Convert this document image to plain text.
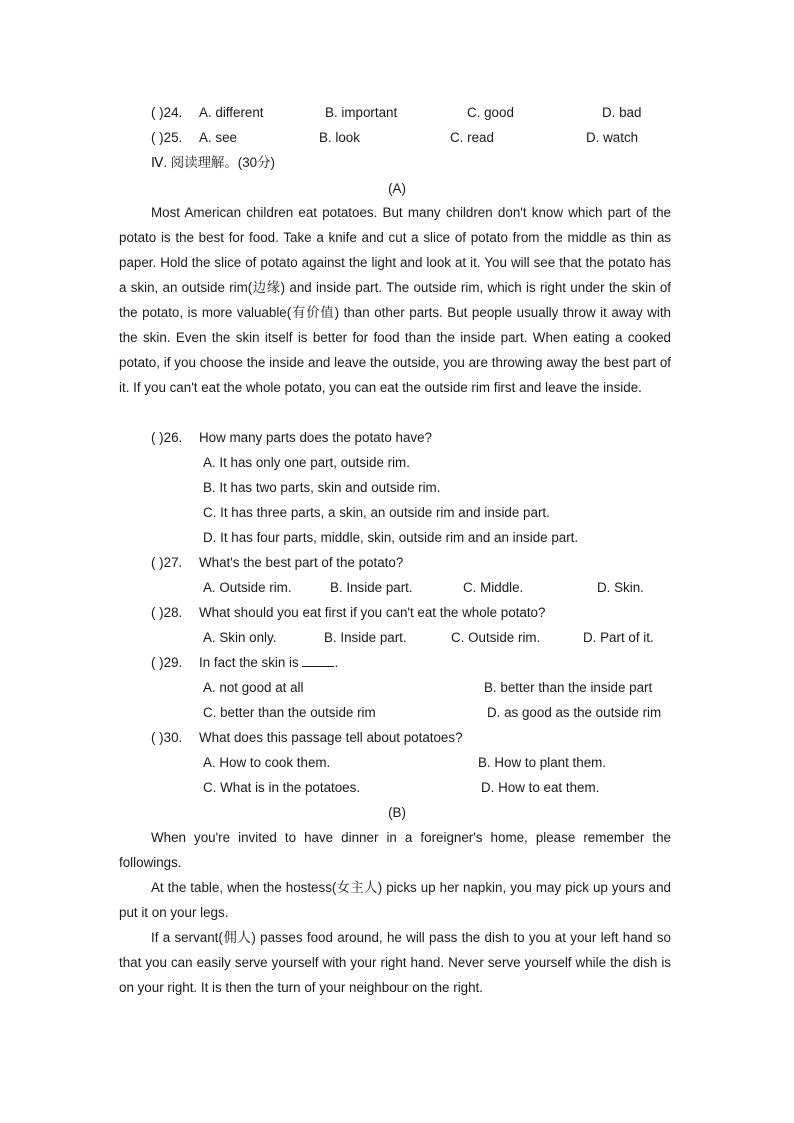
( )24. A. different	B. important	C. good	D. bad
( )25. A. see	B. look	C. read	D. watch
Ⅳ. 阅读理解。(30分)
(A)

Most American children eat potatoes. But many children don't know which part of the potato is the best for food. Take a knife and cut a slice of potato from the middle as thin as paper. Hold the slice of potato against the light and look at it. You will see that the potato has a skin, an outside rim(边缘) and inside part. The outside rim, which is right under the skin of the potato, is more valuable(有价值) than other parts. But people usually throw it away with the skin. Even the skin itself is better for food than the inside part. When eating a cooked potato, if you choose the inside and leave the outside, you are throwing away the best part of it. If you can't eat the whole potato, you can eat the outside rim first and leave the inside.

( )26. How many parts does the potato have?
A. It has only one part, outside rim.
B. It has two parts, skin and outside rim.
C. It has three parts, a skin, an outside rim and inside part.
D. It has four parts, middle, skin, outside rim and an inside part.
( )27. What's the best part of the potato?
A. Outside rim.	B. Inside part.	C. Middle.	D. Skin.
( )28. What should you eat first if you can't eat the whole potato?
A. Skin only.	B. Inside part.	C. Outside rim.	D. Part of it.
( )29. In fact the skin is	.
A. not good at all	B. better than the inside part
C. better than the outside rim	D. as good as the outside rim
( )30. What does this passage tell about potatoes?
A. How to cook them.	B. How to plant them.
C. What is in the potatoes.	D. How to eat them.
(B)

When you're invited to have dinner in a foreigner's home, please remember the followings.

At the table, when the hostess(女主人) picks up her napkin, you may pick up yours and put it on your legs.

If a servant(佣人) passes food around, he will pass the dish to you at your left hand so that you can easily serve yourself with your right hand. Never serve yourself while the dish is on your right. It is then the turn of your neighbour on the right.
